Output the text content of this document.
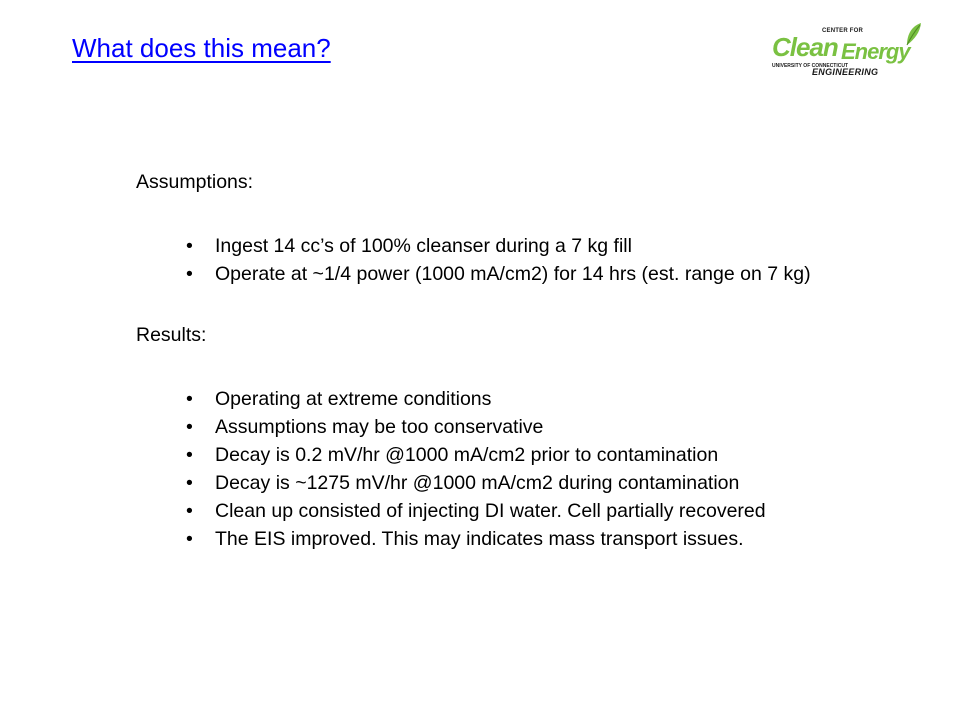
What does this mean?
CENTER FOR
Clean Energy
UNIVERSITY OF CONNECTICUT
ENGINEERING

Assumptions:

• Ingest 14 cc’s of 100% cleanser during a 7 kg fill
• Operate at ~1/4 power (1000 mA/cm2) for 14 hrs (est. range on 7 kg)

Results:

• Operating at extreme conditions
• Assumptions may be too conservative
• Decay is 0.2 mV/hr @1000 mA/cm2 prior to contamination
• Decay is ~1275 mV/hr @1000 mA/cm2 during contamination
• Clean up consisted of injecting DI water. Cell partially recovered
• The EIS improved. This may indicates mass transport issues.
